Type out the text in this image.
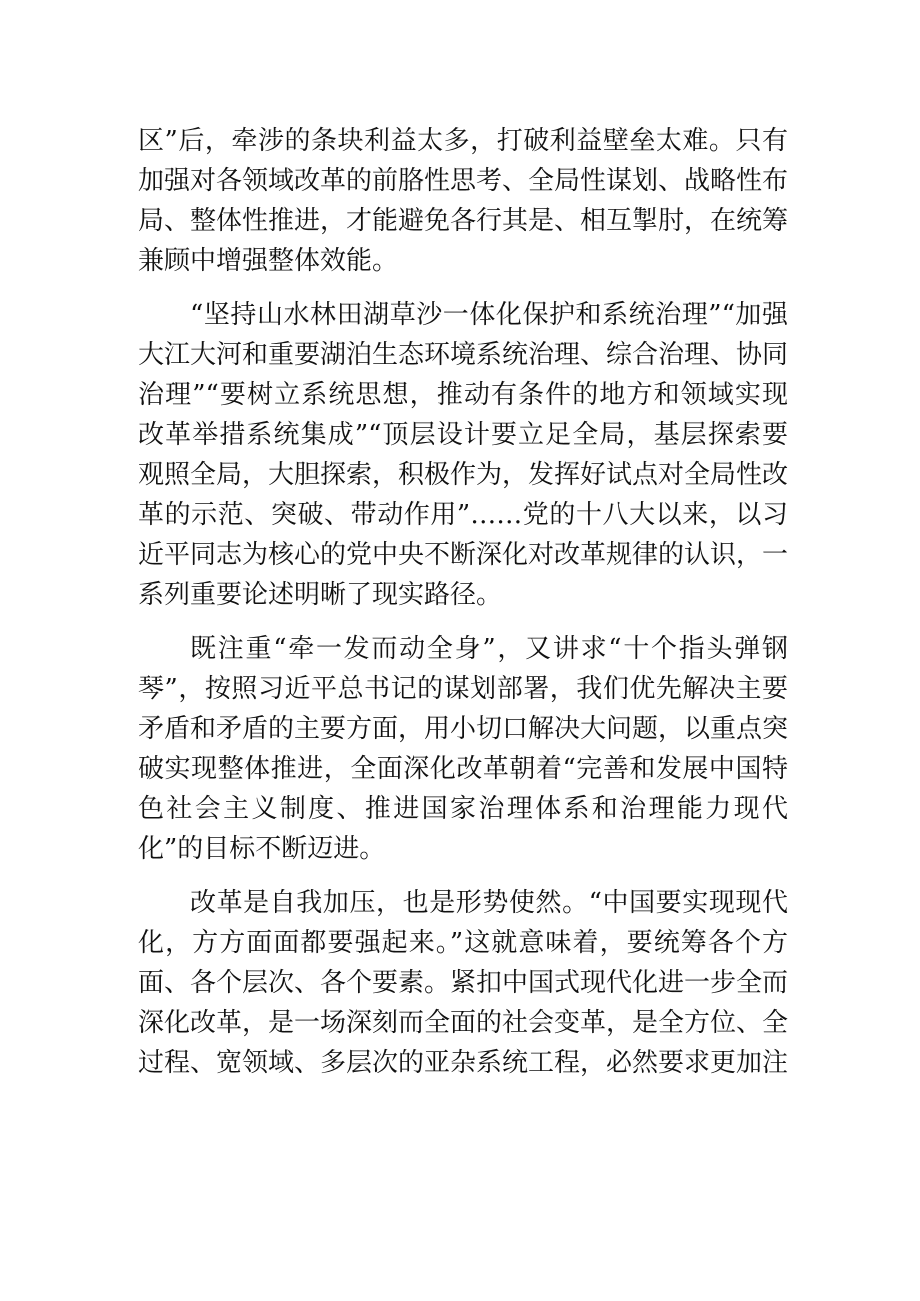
区”后，牵涉的条块利益太多，打破利益壁垒太难。只有加强对各领域改革的前胳性思考、全局性谋划、战略性布局、整体性推进，才能避免各行其是、相互掣肘，在统筹兼顾中增强整体效能。

“坚持山水林田湖草沙一体化保护和系统治理”“加强大江大河和重要湖泊生态环境系统治理、综合治理、协同治理”“要树立系统思想，推动有条件的地方和领域实现改革举措系统集成”“顶层设计要立足全局，基层探索要观照全局，大胆探索，积极作为，发挥好试点对全局性改革的示范、突破、带动作用”……党的十八大以来，以习近平同志为核心的党中央不断深化对改革规律的认识，一系列重要论述明晰了现实路径。

既注重“牵一发而动全身”，又讲求“十个指头弹钢琴”，按照习近平总书记的谋划部署，我们优先解决主要矛盾和矛盾的主要方面，用小切口解决大问题，以重点突破实现整体推进，全面深化改革朝着“完善和发展中国特色社会主义制度、推进国家治理体系和治理能力现代化”的目标不断迈进。

改革是自我加压，也是形势使然。“中国要实现现代化，方方面面都要强起来。”这就意味着，要统筹各个方面、各个层次、各个要素。紧扣中国式现代化进一步全而深化改革，是一场深刻而全面的社会变革，是全方位、全过程、宽领域、多层次的亚杂系统工程，必然要求更加注
